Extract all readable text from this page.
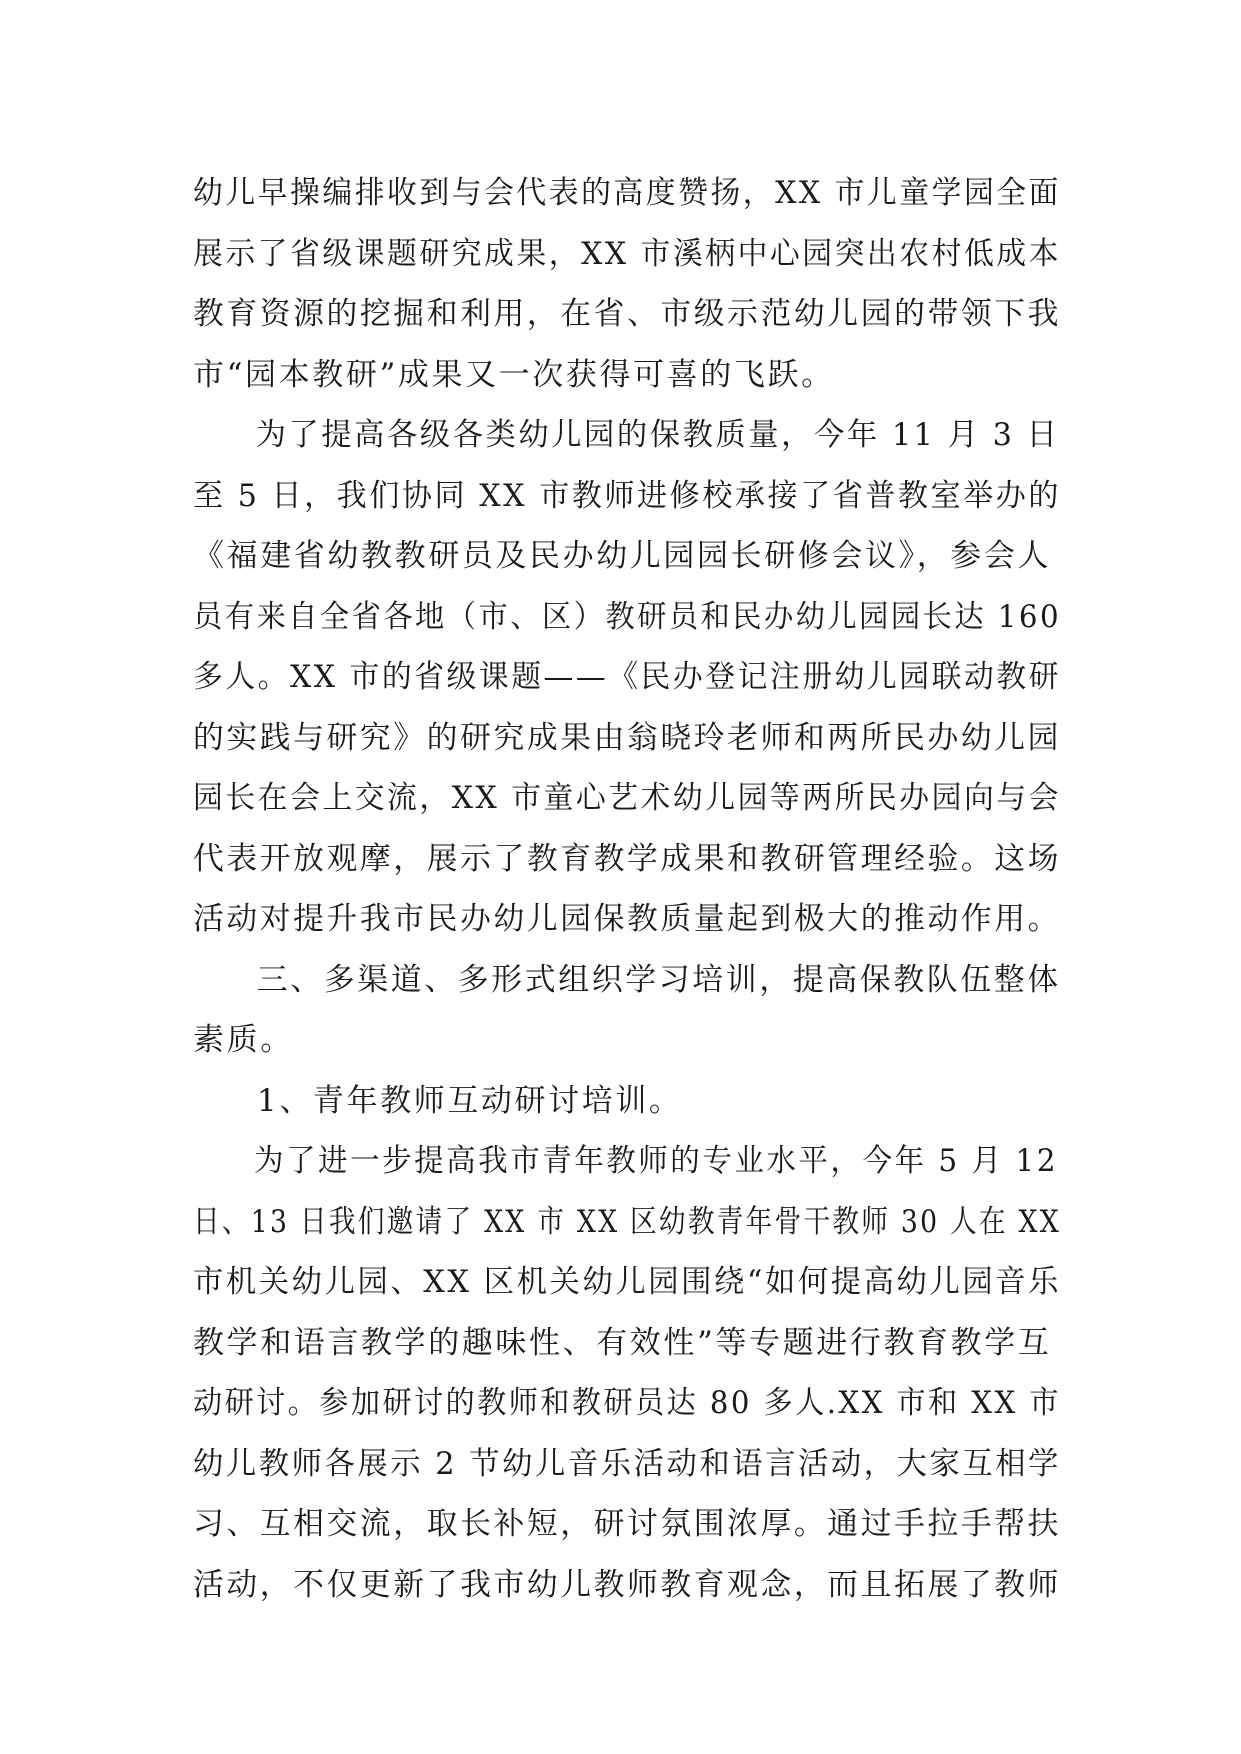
幼儿早操编排收到与会代表的高度赞扬，XX 市儿童学园全面
展示了省级课题研究成果，XX 市溪柄中心园突出农村低成本
教育资源的挖掘和利用，在省、市级示范幼儿园的带领下我
市“园本教研”成果又一次获得可喜的飞跃。
为了提高各级各类幼儿园的保教质量，今年 11 月 3 日
至 5 日，我们协同 XX 市教师进修校承接了省普教室举办的
《福建省幼教教研员及民办幼儿园园长研修会议》，参会人
员有来自全省各地（市、区）教研员和民办幼儿园园长达 160
多人。XX 市的省级课题——《民办登记注册幼儿园联动教研
的实践与研究》的研究成果由翁晓玲老师和两所民办幼儿园
园长在会上交流，XX 市童心艺术幼儿园等两所民办园向与会
代表开放观摩，展示了教育教学成果和教研管理经验。这场
活动对提升我市民办幼儿园保教质量起到极大的推动作用。
三、多渠道、多形式组织学习培训，提高保教队伍整体
素质。
1、青年教师互动研讨培训。
为了进一步提高我市青年教师的专业水平，今年 5 月 12
日、13 日我们邀请了 XX 市 XX 区幼教青年骨干教师 30 人在 XX
市机关幼儿园、XX 区机关幼儿园围绕“如何提高幼儿园音乐
教学和语言教学的趣味性、有效性”等专题进行教育教学互
动研讨。参加研讨的教师和教研员达 80 多人.XX 市和 XX 市
幼儿教师各展示 2 节幼儿音乐活动和语言活动，大家互相学
习、互相交流，取长补短，研讨氛围浓厚。通过手拉手帮扶
活动，不仅更新了我市幼儿教师教育观念，而且拓展了教师
